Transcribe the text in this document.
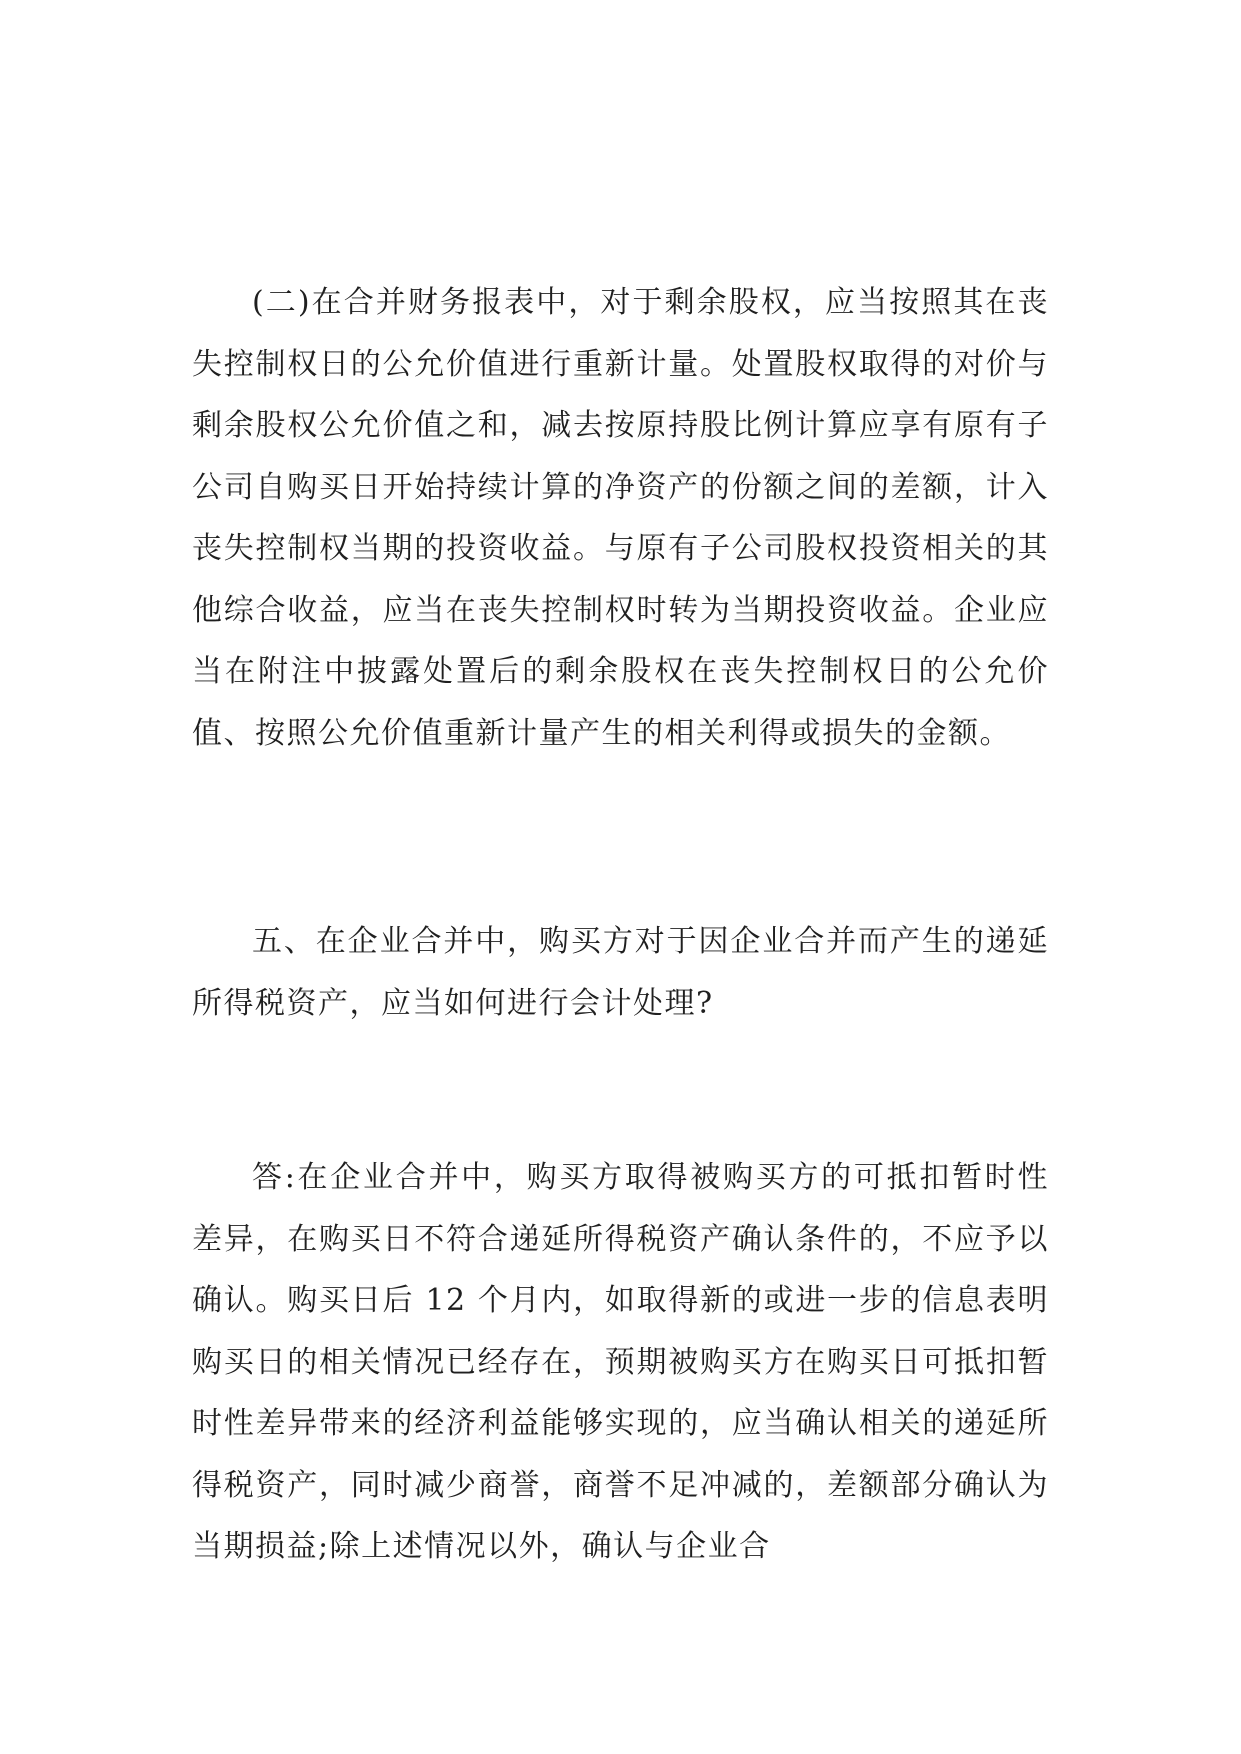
(二)在合并财务报表中，对于剩余股权，应当按照其在丧失控制权日的公允价值进行重新计量。处置股权取得的对价与剩余股权公允价值之和，减去按原持股比例计算应享有原有子公司自购买日开始持续计算的净资产的份额之间的差额，计入丧失控制权当期的投资收益。与原有子公司股权投资相关的其他综合收益，应当在丧失控制权时转为当期投资收益。企业应当在附注中披露处置后的剩余股权在丧失控制权日的公允价值、按照公允价值重新计量产生的相关利得或损失的金额。

五、在企业合并中，购买方对于因企业合并而产生的递延所得税资产，应当如何进行会计处理?

答:在企业合并中，购买方取得被购买方的可抵扣暂时性差异，在购买日不符合递延所得税资产确认条件的，不应予以确认。购买日后 12 个月内，如取得新的或进一步的信息表明购买日的相关情况已经存在，预期被购买方在购买日可抵扣暂时性差异带来的经济利益能够实现的，应当确认相关的递延所得税资产，同时减少商誉，商誉不足冲减的，差额部分确认为当期损益;除上述情况以外，确认与企业合
